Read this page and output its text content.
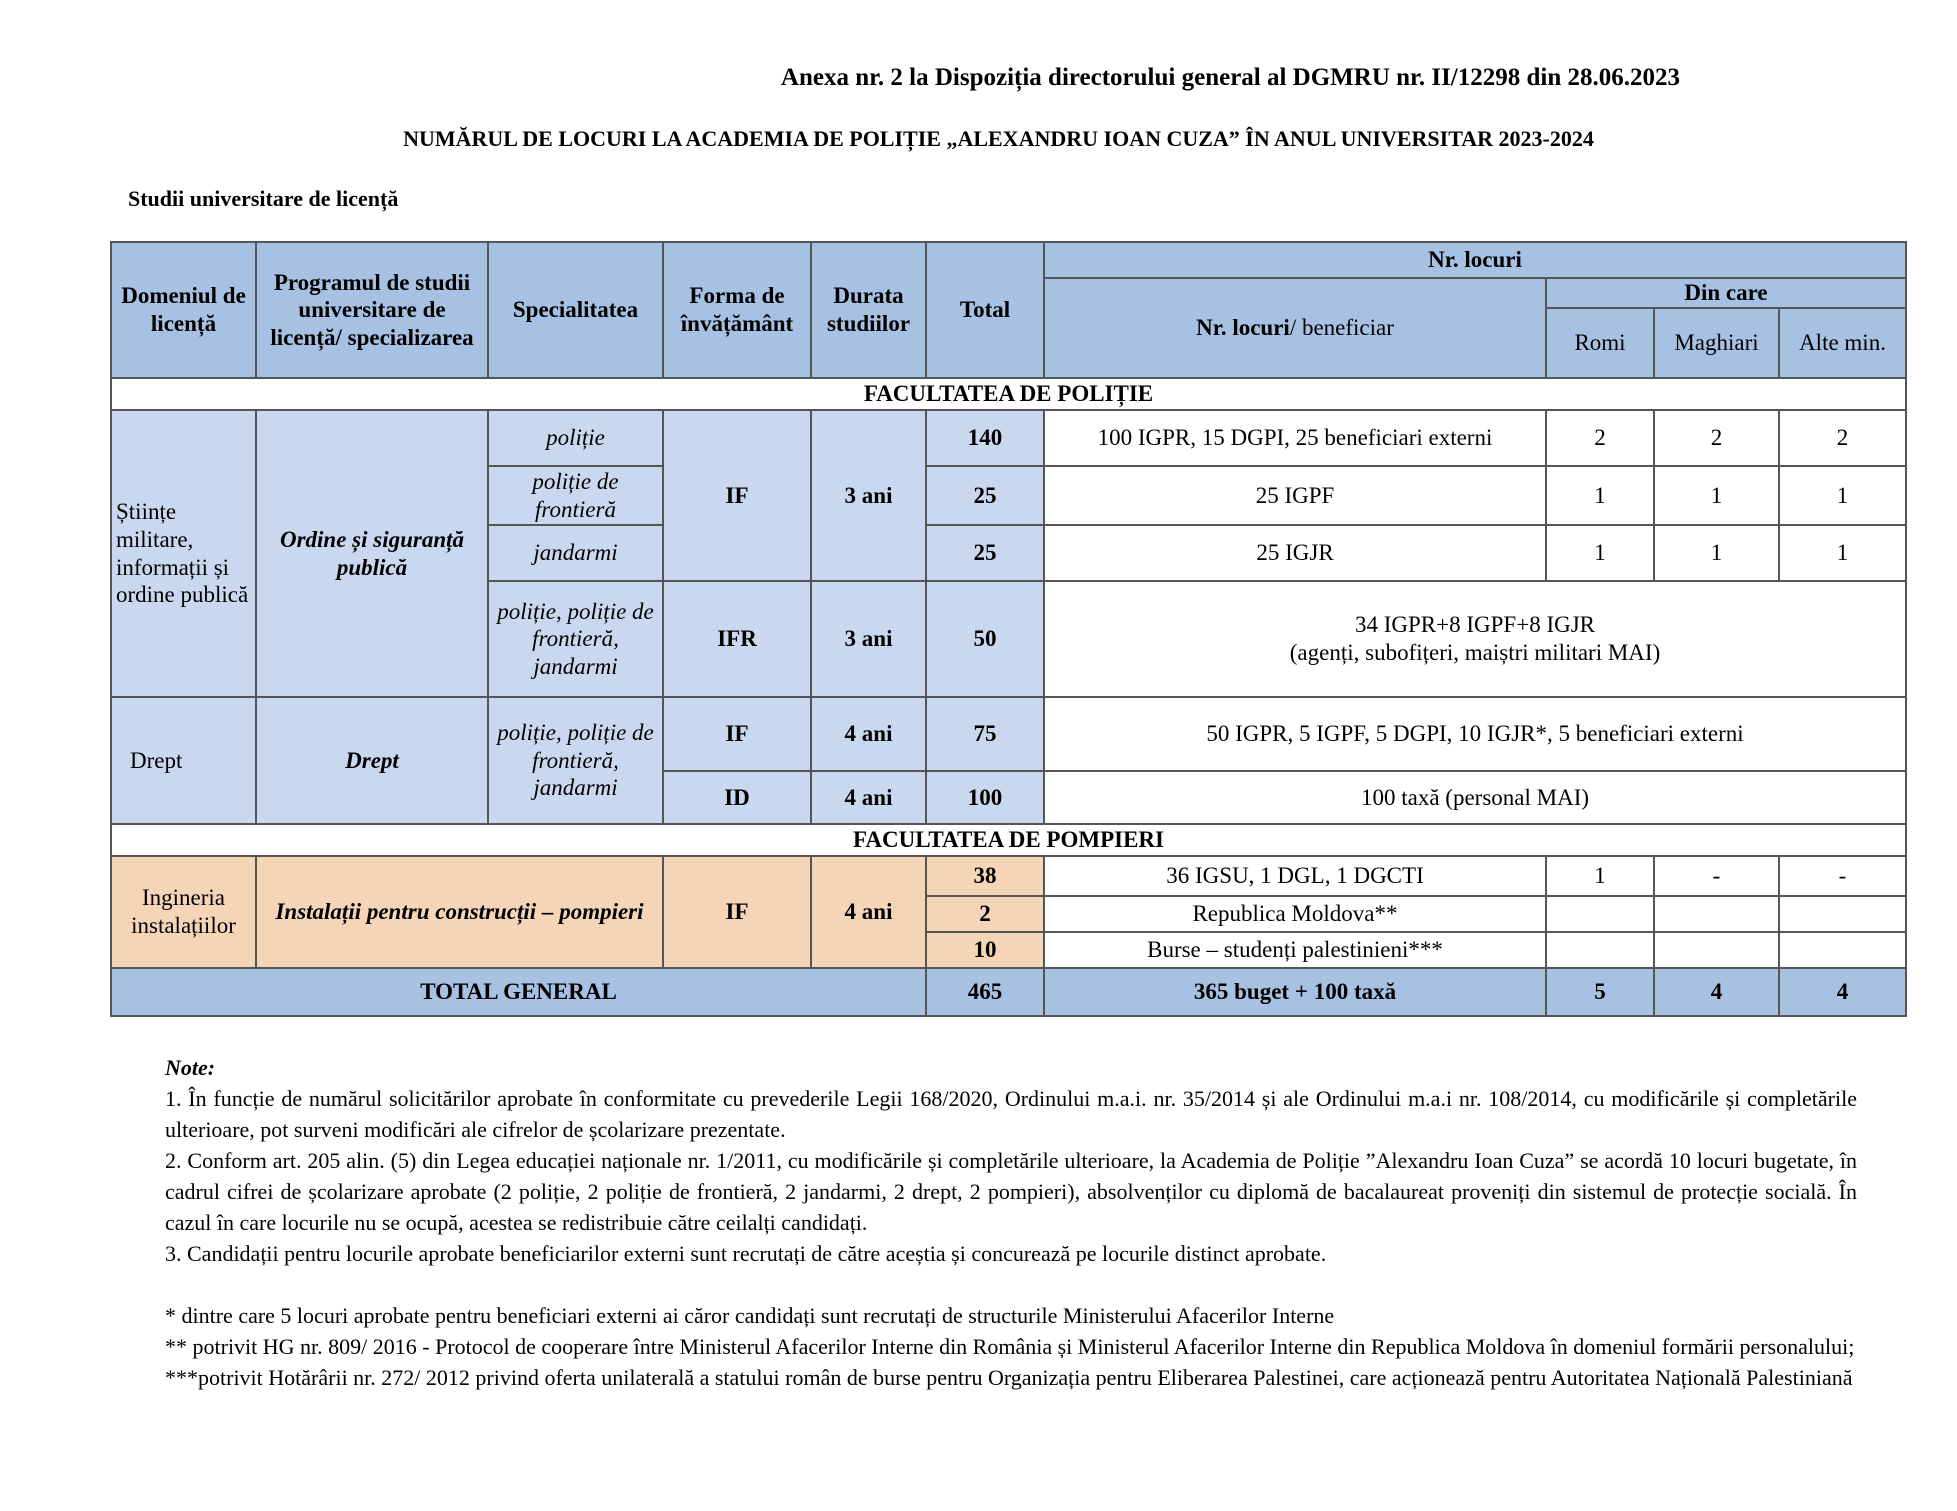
Anexa nr. 2 la Dispoziția directorului general al DGMRU nr. II/12298 din 28.06.2023
NUMĂRUL DE LOCURI LA ACADEMIA DE POLIȚIE „ALEXANDRU IOAN CUZA” ÎN ANUL UNIVERSITAR 2023-2024
Studii universitare de licență
Domeniul de licență	Programul de studii universitare de licență/ specializarea	Specialitatea	Forma de învățământ	Durata studiilor	Total	Nr. locuri			
						Nr. locuri/ beneficiar	Din care		
							Romi	Maghiari	Alte min.
FACULTATEA DE POLIȚIE									
Științe militare, informații și ordine publică	Ordine și siguranță publică	poliție	IF	3 ani	140	100 IGPR, 15 DGPI, 25 beneficiari externi	2	2	2
		poliție de frontieră			25	25 IGPF	1	1	1
		jandarmi			25	25 IGJR	1	1	1
		poliție, poliție de frontieră, jandarmi	IFR	3 ani	50	34 IGPR+8 IGPF+8 IGJR
(agenți, subofițeri, maiștri militari MAI)			

Drept	Drept	poliție, poliție de frontieră, jandarmi	IF	4 ani	75	50 IGPR, 5 IGPF, 5 DGPI, 10 IGJR*, 5 beneficiari externi			
			ID	4 ani	100	100 taxă (personal MAI)			
FACULTATEA DE POMPIERI									
Ingineria instalațiilor	Instalații pentru construcții – pompieri		IF	4 ani	38	36 IGSU, 1 DGL, 1 DGCTI	1	-	-
					2	Republica Moldova**			
					10	Burse – studenți palestinieni***			
TOTAL GENERAL					465	365 buget + 100 taxă	5	4	4

Note:

1. În funcție de numărul solicitărilor aprobate în conformitate cu prevederile Legii 168/2020, Ordinului m.a.i. nr. 35/2014 și ale Ordinului m.a.i nr. 108/2014, cu modificările și completările ulterioare, pot surveni modificări ale cifrelor de școlarizare prezentate.

2. Conform art. 205 alin. (5) din Legea educației naționale nr. 1/2011, cu modificările și completările ulterioare, la Academia de Poliție ”Alexandru Ioan Cuza” se acordă 10 locuri bugetate, în cadrul cifrei de școlarizare aprobate (2 poliție, 2 poliție de frontieră, 2 jandarmi, 2 drept, 2 pompieri), absolvenților cu diplomă de bacalaureat proveniți din sistemul de protecție socială. În cazul în care locurile nu se ocupă, acestea se redistribuie către ceilalți candidați.

3. Candidații pentru locurile aprobate beneficiarilor externi sunt recrutați de către aceștia și concurează pe locurile distinct aprobate.

* dintre care 5 locuri aprobate pentru beneficiari externi ai căror candidați sunt recrutați de structurile Ministerului Afacerilor Interne

** potrivit HG nr. 809/ 2016 - Protocol de cooperare între Ministerul Afacerilor Interne din România și Ministerul Afacerilor Interne din Republica Moldova în domeniul formării personalului;

***potrivit Hotărârii nr. 272/ 2012 privind oferta unilaterală a statului român de burse pentru Organizația pentru Eliberarea Palestinei, care acționează pentru Autoritatea Națională Palestiniană
